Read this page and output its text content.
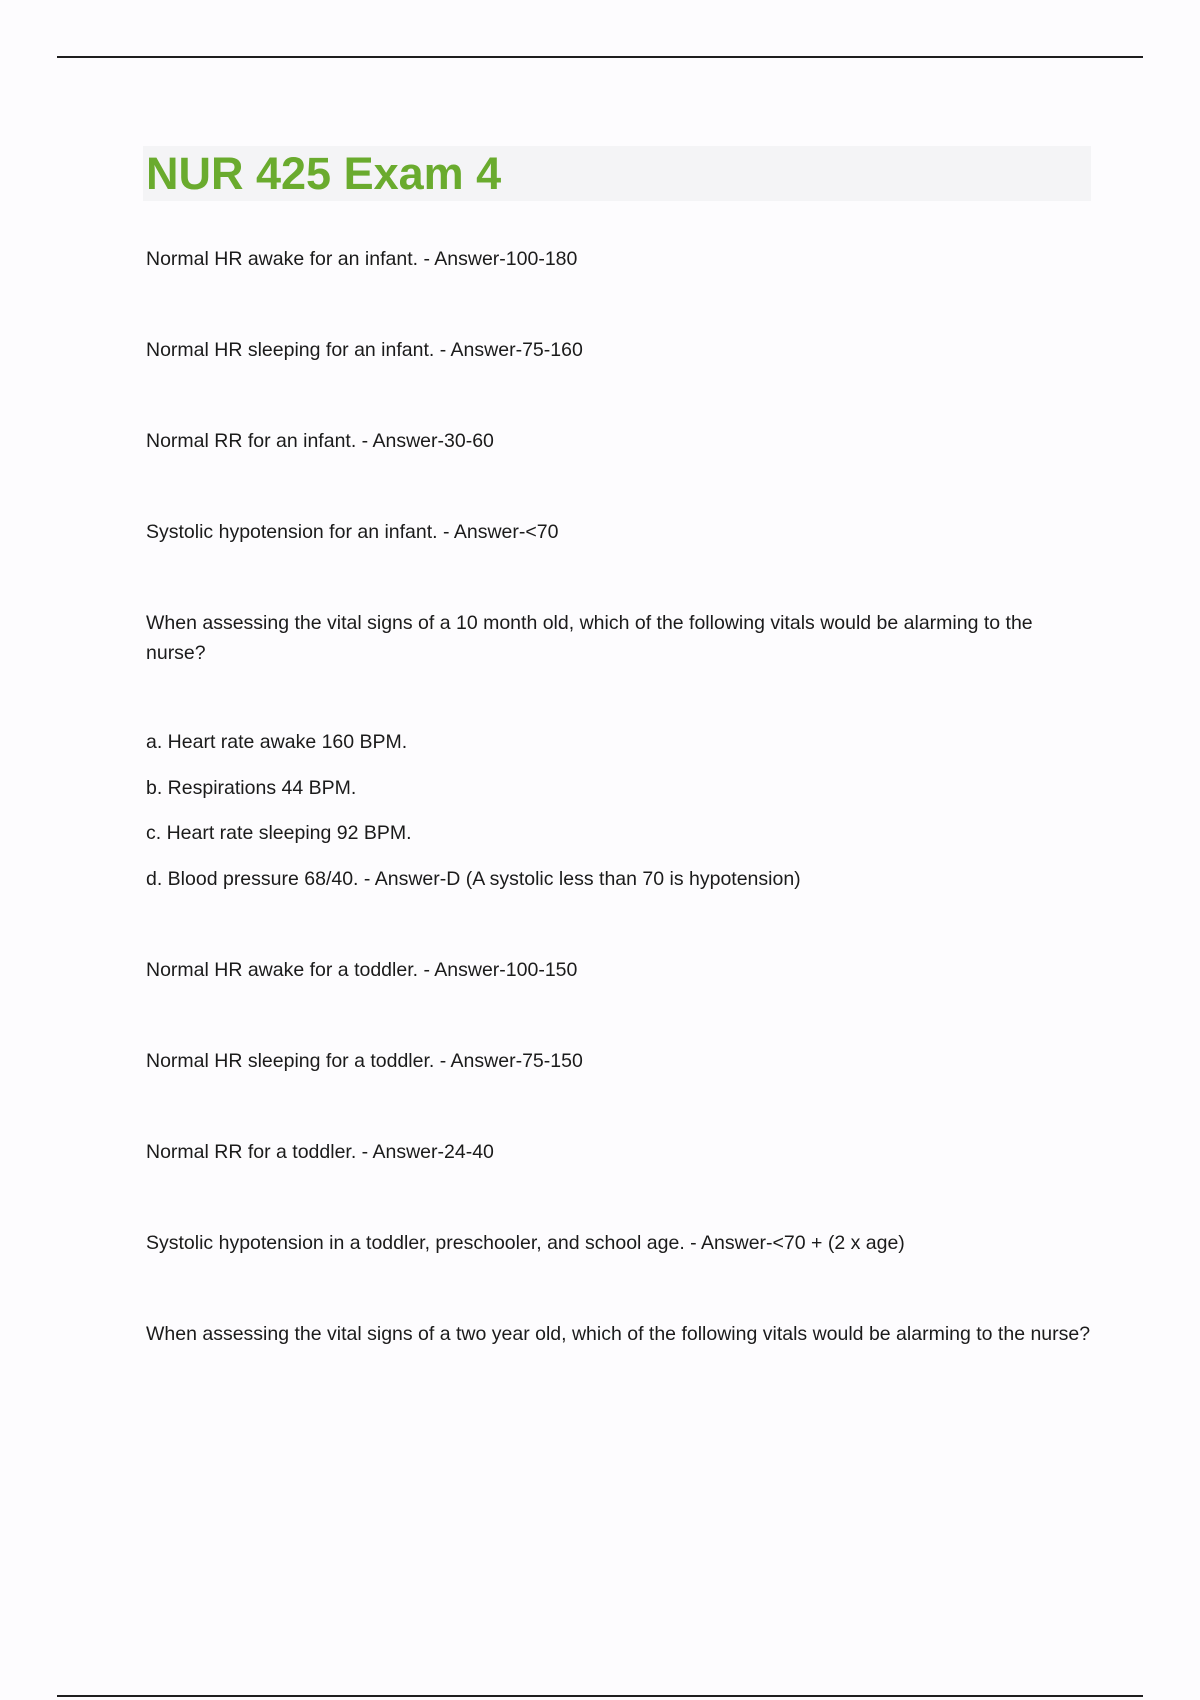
NUR 425 Exam 4

Normal HR awake for an infant. - Answer-100-180

Normal HR sleeping for an infant. - Answer-75-160

Normal RR for an infant. - Answer-30-60

Systolic hypotension for an infant. - Answer-<70

When assessing the vital signs of a 10 month old, which of the following vitals would be alarming to the nurse?

a. Heart rate awake 160 BPM.

b. Respirations 44 BPM.

c. Heart rate sleeping 92 BPM.

d. Blood pressure 68/40. - Answer-D (A systolic less than 70 is hypotension)

Normal HR awake for a toddler. - Answer-100-150

Normal HR sleeping for a toddler. - Answer-75-150

Normal RR for a toddler. - Answer-24-40

Systolic hypotension in a toddler, preschooler, and school age. - Answer-<70 + (2 x age)

When assessing the vital signs of a two year old, which of the following vitals would be alarming to the nurse?
